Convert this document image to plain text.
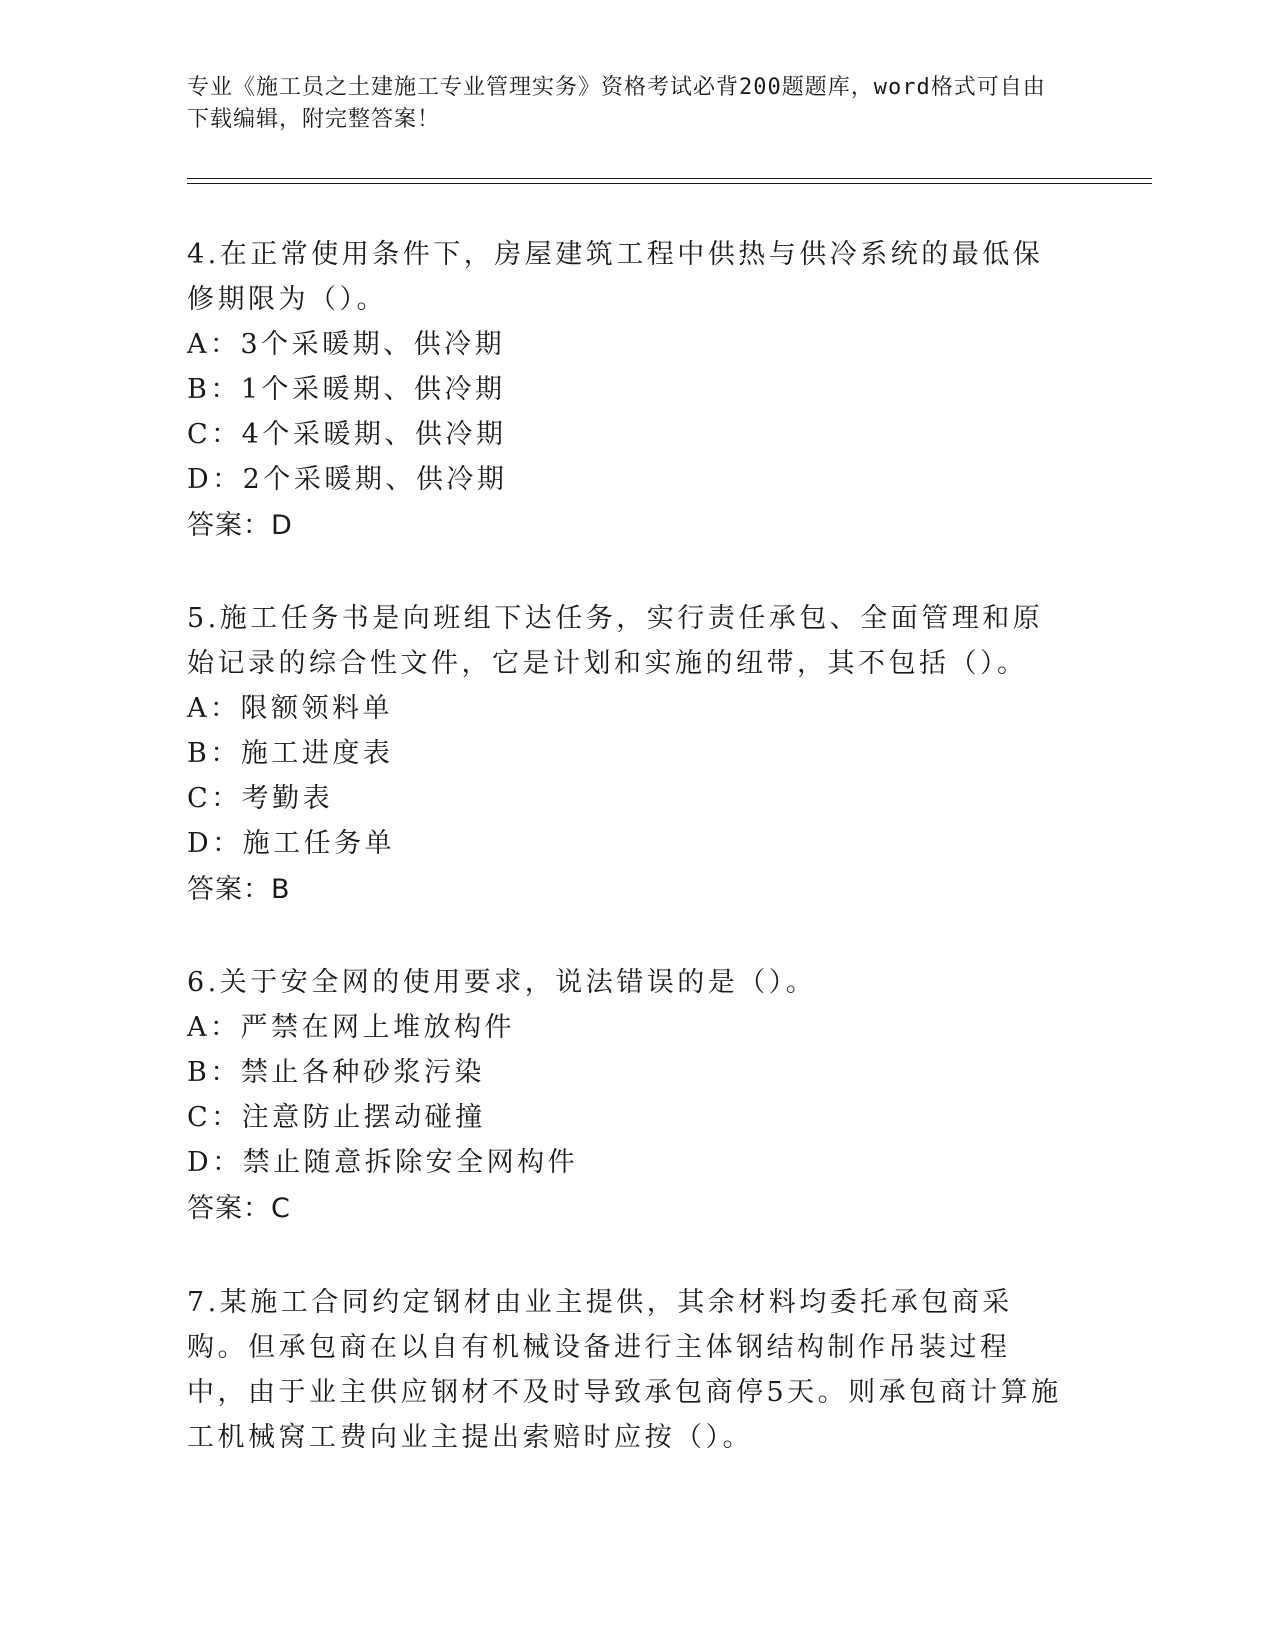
专业《施工员之土建施工专业管理实务》资格考试必背200题题库，word格式可自由下载编辑，附完整答案！

4.在正常使用条件下，房屋建筑工程中供热与供冷系统的最低保修期限为（）。

A：3个采暖期、供冷期
B：1个采暖期、供冷期
C：4个采暖期、供冷期
D：2个采暖期、供冷期
答案：D

5.施工任务书是向班组下达任务，实行责任承包、全面管理和原始记录的综合性文件，它是计划和实施的纽带，其不包括（）。

A：限额领料单
B：施工进度表
C：考勤表
D：施工任务单
答案：B

6.关于安全网的使用要求，说法错误的是（）。

A：严禁在网上堆放构件
B：禁止各种砂浆污染
C：注意防止摆动碰撞
D：禁止随意拆除安全网构件
答案：C

7.某施工合同约定钢材由业主提供，其余材料均委托承包商采购。但承包商在以自有机械设备进行主体钢结构制作吊装过程中，由于业主供应钢材不及时导致承包商停5天。则承包商计算施工机械窝工费向业主提出索赔时应按（）。
